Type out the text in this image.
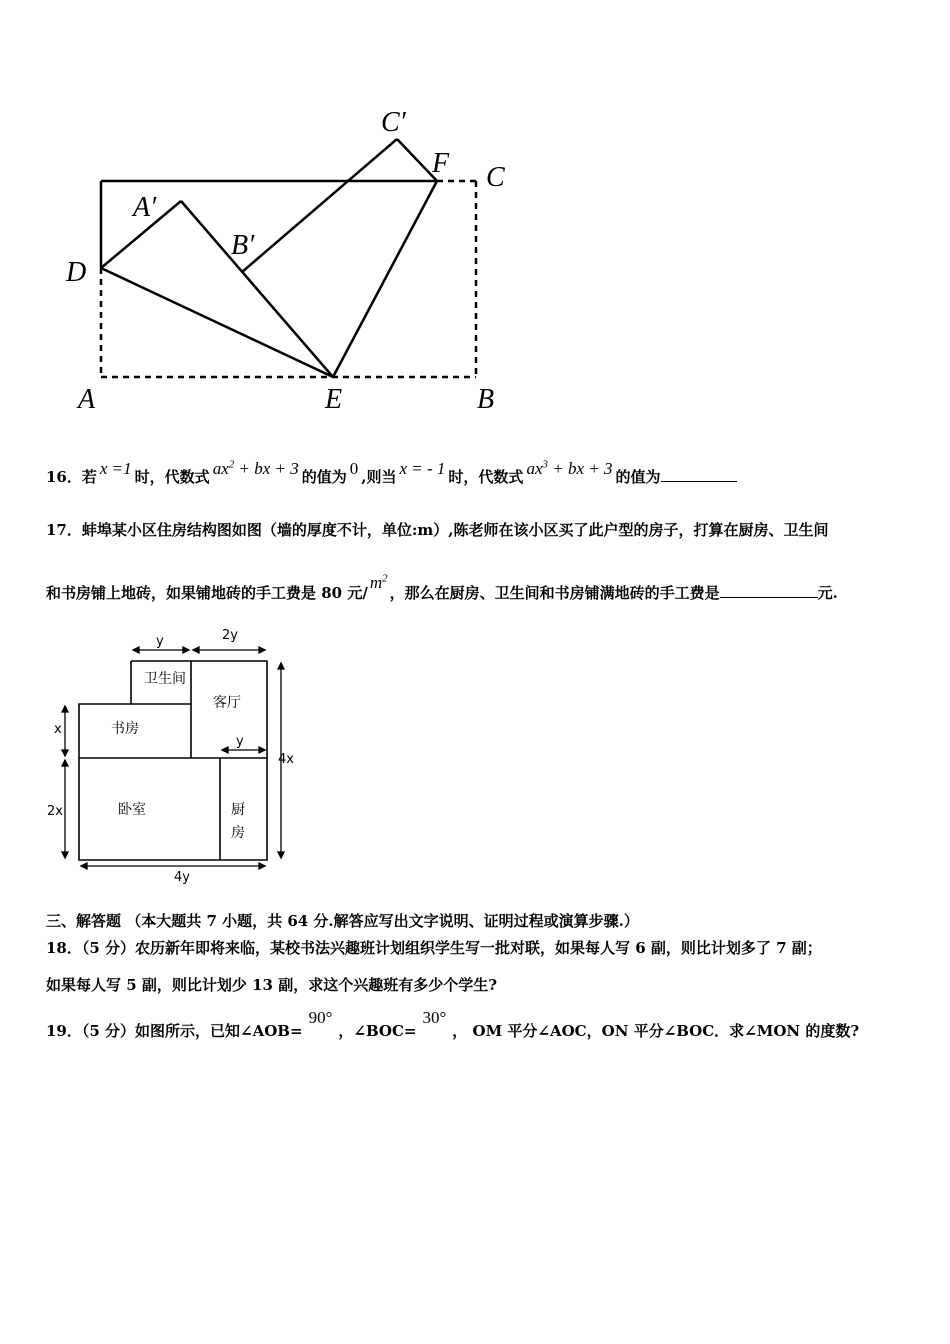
C′
F C
A′
B′
D
A	E	B
16．若 x =1 时，代数式 $ax^2$ + bx + 3 的值为 0 ,则当 x = - 1 时，代数式 $ax^3$ + bx + 3 的值为
17．蚌埠某小区住房结构图如图（墙的厚度不计，单位:m）,陈老师在该小区买了此户型的房子，打算在厨房、卫生间
和书房铺上地砖，如果铺地砖的手工费是 80 元$/m^2$，那么在厨房、卫生间和书房铺满地砖的手工费是	元.
y	2y
y
x
2x
4x
4y
卫生间
客厅
书房
卧室	厨
房
三、解答题 （本大题共 7 小题，共 64 分.解答应写出文字说明、证明过程或演算步骤.）
18．（5 分）农历新年即将来临，某校书法兴趣班计划组织学生写一批对联，如果每人写 6 副，则比计划多了 7 副；
如果每人写 5 副，则比计划少 13 副，求这个兴趣班有多少个学生?
19．（5 分）如图所示，已知∠AOB=90°，∠BOC=30°， OM 平分∠AOC，ON 平分∠BOC．求∠MON 的度数?
